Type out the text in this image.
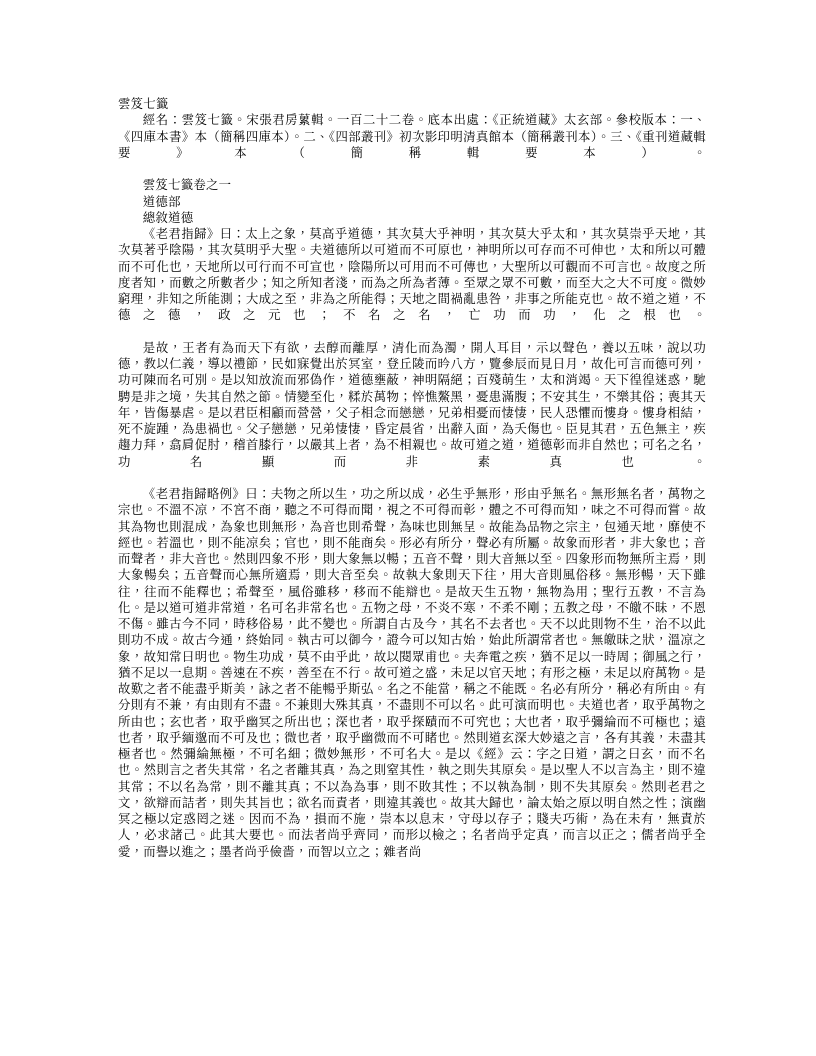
雲笈七籤
經名：雲笈七籤。宋張君房蔂輯。一百二十二卷。底本出處：《正統道藏》太玄部。參校版本：一、《四庫本書》本（簡稱四庫本）。二、《四部叢刊》初次影印明清真館本（簡稱叢刊本）。三、《重刊道藏輯要》本（簡稱輯要本）。
雲笈七籤卷之一
道德部
總敘道德
《老君指歸》曰：太上之象，莫高乎道德，其次莫大乎神明，其次莫大乎太和，其次莫崇乎天地，其次莫著乎陰陽，其次莫明乎大聖。夫道德所以可道而不可原也，神明所以可存而不可伸也，太和所以可體而不可化也，天地所以可行而不可宣也，陰陽所以可用而不可傳也，大聖所以可觀而不可言也。故度之所度者知，而數之所數者少；知之所知者淺，而為之所為者薄。至眾之眾不可數，而至大之大不可度。微妙窮理，非知之所能測；大成之至，非為之所能得；天地之間禍亂患咎，非事之所能克也。故不道之道，不德之德，政之元也；不名之名，亡功而功，化之根也。
是故，王者有為而天下有欲，去醇而離厚，清化而為濁，開人耳目，示以聲色，養以五味，說以功德，教以仁義，導以禮節，民如寐覺出於冥室，登丘陵而昑八方，覽參辰而見日月，故化可言而德可列，功可陳而名可別。是以知放流而邪偽作，道德壅蔽，神明隔絕；百殘萌生，太和消竭。天下徨徨迷惑，馳騁是非之境，失其自然之節。情變至化，糅於萬物；悴憔鰲黑，憂患滿腹；不安其生，不樂其俗；喪其天年，皆傷暴虐。是以君臣相顧而營營，父子相念而戀戀，兄弟相憂而悽悽，民人恐懼而慺身。慺身相結，死不旋踵，為患禍也。父子戀戀，兄弟悽悽，昏定晨省，出辭入面，為夭傷也。臣見其君，五色無主，疾趨力拜，翕肩促肘，稽首膝行，以嚴其上者，為不相親也。故可道之道，道德彰而非自然也；可名之名，功名顯而非素真也。
《老君指歸略例》曰：夫物之所以生，功之所以成，必生乎無形，形由乎無名。無形無名者，萬物之宗也。不溫不凉，不宮不商，聽之不可得而聞，視之不可得而彰，體之不可得而知，味之不可得而嘗。故其為物也則混成，為象也則無形，為音也則希聲，為味也則無呈。故能為品物之宗主，包通天地，靡使不經也。若溫也，則不能凉矣；官也，則不能商矣。形必有所分，聲必有所屬。故象而形者，非大象也；音而聲者，非大音也。然則四象不形，則大象無以暢；五音不聲，則大音無以至。四象形而物無所主焉，則大象暢矣；五音聲而心無所適焉，則大音至矣。故執大象則天下往，用大音則風俗移。無形暢，天下雖往，往而不能釋也；希聲至，風俗雖移，移而不能辯也。是故天生五物，無物為用；聖行五教，不言為化。是以道可道非常道，名可名非常名也。五物之母，不炎不寒，不柔不剛；五教之母，不皦不昧，不恩不傷。雖古今不同，時移俗易，此不變也。所謂自古及今，其名不去者也。天不以此則物不生，治不以此則功不成。故古今通，終始同。執古可以御今，證今可以知古始，始此所謂常者也。無皦昧之狀，溫凉之象，故知常曰明也。物生功成，莫不由乎此，故以閱眾甫也。夫奔電之疾，猶不足以一時周；御風之行，猶不足以一息期。善速在不疾，善至在不行。故可道之盛，未足以官天地；有形之極，未足以府萬物。是故歎之者不能盡乎斯美，詠之者不能暢乎斯弘。名之不能當，稱之不能既。名必有所分，稱必有所由。有分則有不兼，有由則有不盡。不兼則大殊其真，不盡則不可以名。此可演而明也。夫道也者，取乎萬物之所由也；玄也者，取乎幽冥之所出也；深也者，取乎探賾而不可究也；大也者，取乎彌綸而不可極也；遠也者，取乎緬邈而不可及也；微也者，取乎幽微而不可睹也。然則道玄深大妙遠之言，各有其義，未盡其極者也。然彌綸無極，不可名細；微妙無形，不可名大。是以《經》云：字之曰道，謂之曰玄，而不名也。然則言之者失其常，名之者離其真，為之則窒其性，執之則失其原矣。是以聖人不以言為主，則不違其常；不以名為常，則不離其真；不以為為事，則不敗其性；不以執為制，則不失其原矣。然則老君之文，欲辯而詰者，則失其旨也；欲名而責者，則違其義也。故其大歸也，論太始之原以明自然之性；演幽冥之極以定惑罔之迷。因而不為，損而不施，崇本以息末，守母以存子；賤夫巧術，為在未有，無責於人，必求諸己。此其大要也。而法者尚乎齊同，而形以檢之；名者尚乎定真，而言以正之；儒者尚乎全愛，而譽以進之；墨者尚乎儉嗇，而智以立之；雜者尚
